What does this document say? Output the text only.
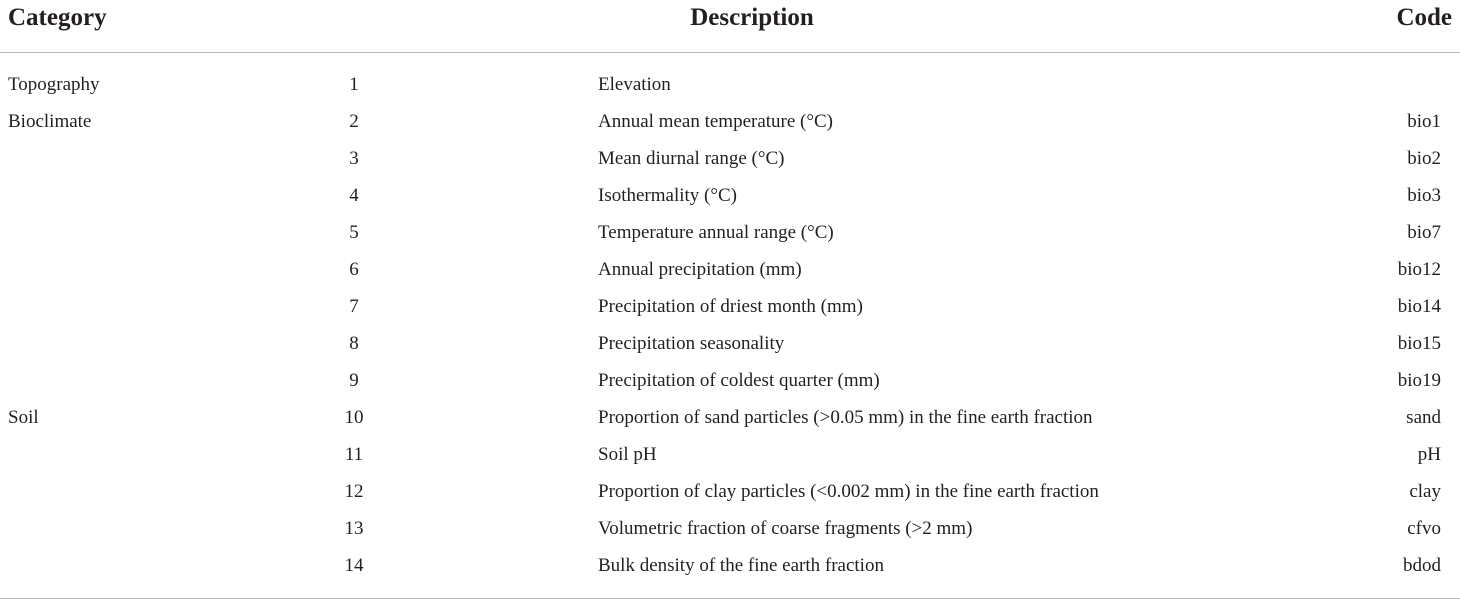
Category	Description	Code
Topography	1	Elevation
Bioclimate	2	Annual mean temperature (°C)	bio1
3	Mean diurnal range (°C)	bio2
4	Isothermality (°C)	bio3
5	Temperature annual range (°C)	bio7
6	Annual precipitation (mm)	bio12
7	Precipitation of driest month (mm)	bio14
8	Precipitation seasonality	bio15
9	Precipitation of coldest quarter (mm)	bio19
Soil	10	Proportion of sand particles (>0.05 mm) in the fine earth fraction	sand
11	Soil pH	pH
12	Proportion of clay particles (<0.002 mm) in the fine earth fraction	clay
13	Volumetric fraction of coarse fragments (>2 mm)	cfvo
14	Bulk density of the fine earth fraction	bdod
